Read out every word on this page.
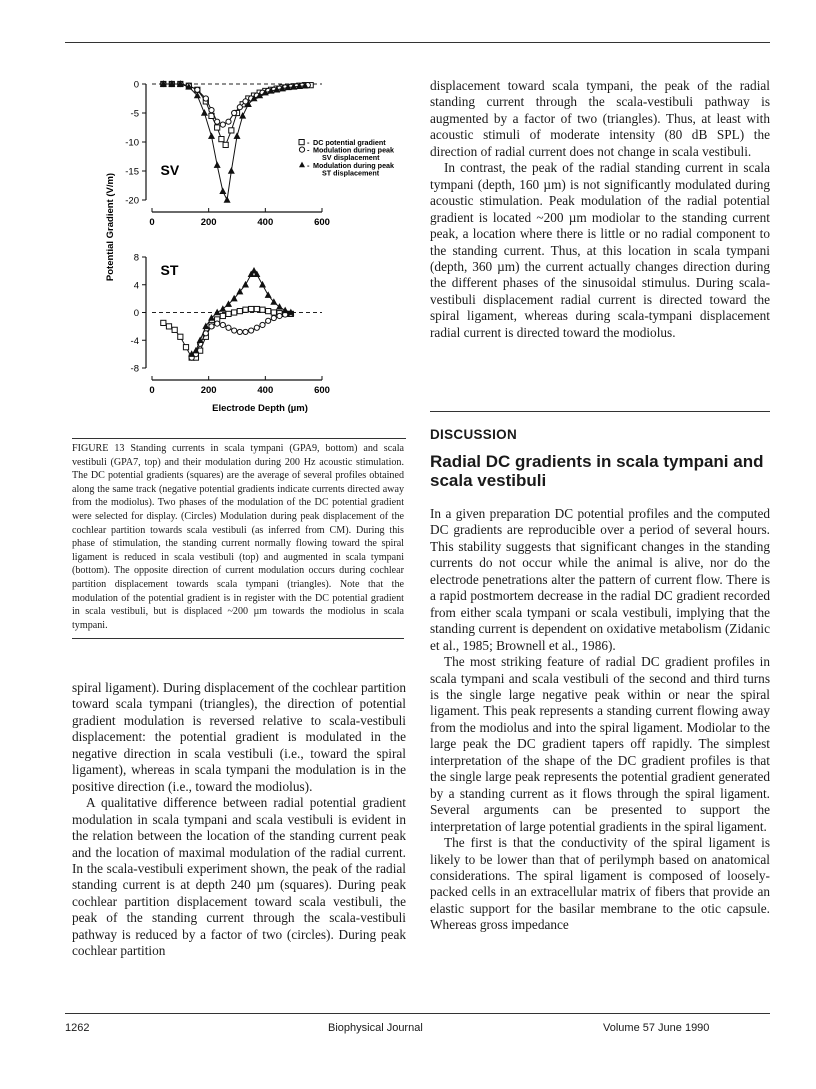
0
-5
-10
-15
-20
0	200	400	600
SV
8
4
0
-4
-8
0	200	400	600
ST
Potential Gradient (V/m)
Electrode Depth (µm)
- DC potential gradient
- Modulation during peak
SV displacement
- Modulation during peak
ST displacement
FIGURE 13 Standing currents in scala tympani (GPA9, bottom) and scala vestibuli (GPA7, top) and their modulation during 200 Hz acoustic stimulation. The DC potential gradients (squares) are the average of several profiles obtained along the same track (negative potential gradients indicate currents directed away from the modiolus). Two phases of the modulation of the DC potential gradient were selected for display. (Circles) Modulation during peak displacement of the cochlear partition towards scala vestibuli (as inferred from CM). During this phase of stimulation, the standing current normally flowing toward the spiral ligament is reduced in scala vestibuli (top) and augmented in scala tympani (bottom). The opposite direction of current modulation occurs during cochlear partition displacement towards scala tympani (triangles). Note that the modulation of the potential gradient is in register with the DC potential gradient in scala vestibuli, but is displaced ~200 µm towards the modiolus in scala tympani.

spiral ligament). During displacement of the cochlear partition toward scala tympani (triangles), the direction of potential gradient modulation is reversed relative to scala-vestibuli displacement: the potential gradient is modulated in the negative direction in scala vestibuli (i.e., toward the spiral ligament), whereas in scala tympani the modulation is in the positive direction (i.e., toward the modiolus).

A qualitative difference between radial potential gradient modulation in scala tympani and scala vestibuli is evident in the relation between the location of the standing current peak and the location of maximal modulation of the radial current. In the scala-vestibuli experiment shown, the peak of the radial standing current is at depth 240 µm (squares). During peak cochlear partition displacement toward scala vestibuli, the peak of the standing current through the scala-vestibuli pathway is reduced by a factor of two (circles). During peak cochlear partition

displacement toward scala tympani, the peak of the radial standing current through the scala-vestibuli pathway is augmented by a factor of two (triangles). Thus, at least with acoustic stimuli of moderate intensity (80 dB SPL) the direction of radial current does not change in scala vestibuli.

In contrast, the peak of the radial standing current in scala tympani (depth, 160 µm) is not significantly modulated during acoustic stimulation. Peak modulation of the radial potential gradient is located ~200 µm modiolar to the standing current peak, a location where there is little or no radial component to the standing current. Thus, at this location in scala tympani (depth, 360 µm) the current actually changes direction during the different phases of the sinusoidal stimulus. During scala-vestibuli displacement radial current is directed toward the spiral ligament, whereas during scala-tympani displacement radial current is directed toward the modiolus.

DISCUSSION
Radial DC gradients in scala tympani and scala vestibuli

In a given preparation DC potential profiles and the computed DC gradients are reproducible over a period of several hours. This stability suggests that significant changes in the standing currents do not occur while the animal is alive, nor do the electrode penetrations alter the pattern of current flow. There is a rapid postmortem decrease in the radial DC gradient recorded from either scala tympani or scala vestibuli, implying that the standing current is dependent on oxidative metabolism (Zidanic et al., 1985; Brownell et al., 1986).

The most striking feature of radial DC gradient profiles in scala tympani and scala vestibuli of the second and third turns is the single large negative peak within or near the spiral ligament. This peak represents a standing current flowing away from the modiolus and into the spiral ligament. Modiolar to the large peak the DC gradient tapers off rapidly. The simplest interpretation of the shape of the DC gradient profiles is that the single large peak represents the potential gradient generated by a standing current as it flows through the spiral ligament. Several arguments can be presented to support the interpretation of large potential gradients in the spiral ligament.

The first is that the conductivity of the spiral ligament is likely to be lower than that of perilymph based on anatomical considerations. The spiral ligament is composed of loosely-packed cells in an extracellular matrix of fibers that provide an elastic support for the basilar membrane to the otic capsule. Whereas gross impedance

1262	Biophysical Journal	Volume 57 June 1990
